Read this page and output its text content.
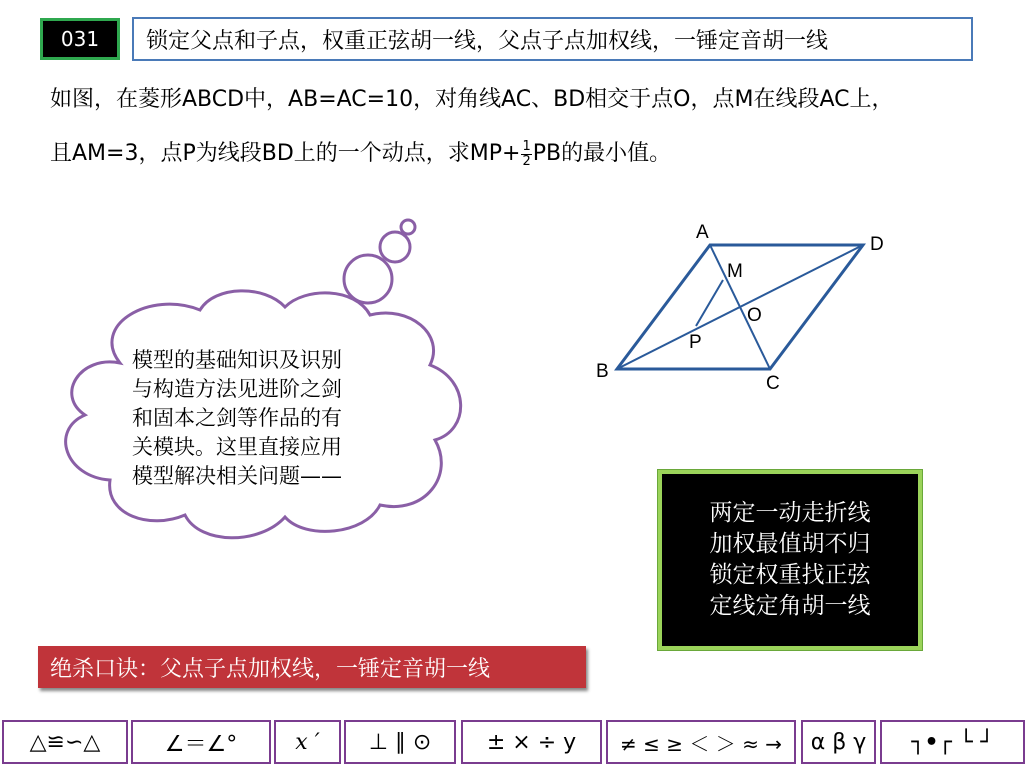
031	锁定父点和子点，权重正弦胡一线，父点子点加权线，一锤定音胡一线
如图，在菱形ABCD中，AB=AC=10，对角线AC、BD相交于点O，点M在线段AC上，
且AM=3，点P为线段BD上的一个动点，求$MP+ \frac{1}{2}$ PB的最小值。
A
D
B
C
M
O
P
模型的基础知识及识别
与构造方法见进阶之剑
和固本之剑等作品的有
关模块。这里直接应用
模型解决相关问题——
两定一动走折线
加权最值胡不归
锁定权重找正弦
定线定角胡一线
绝杀口诀：父点子点加权线，一锤定音胡一线
△≌∽△	∠＝∠°	x ′	⊥ ∥ ⊙	± × ÷ y	≠ ≤ ≥ ＜ ＞ ≈ →	α β γ	┐•┌ └ ┘
